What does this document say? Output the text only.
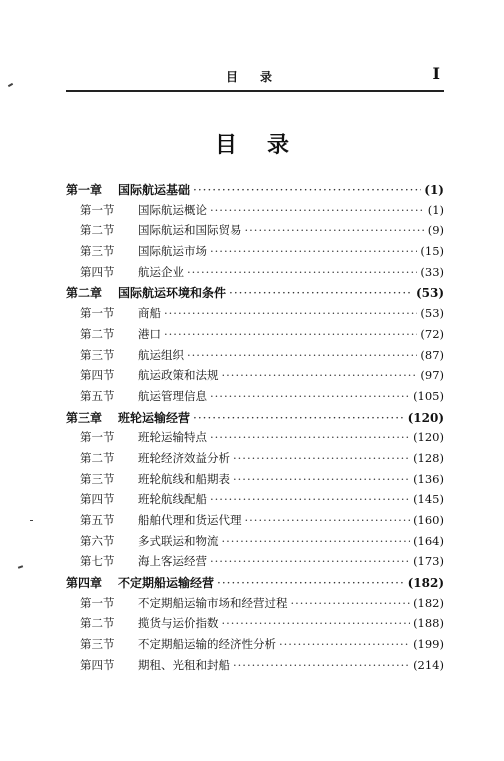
目录	I
目录
第一章	国际航运基础 ·····	(1)
第一节	国际航运概论 ·····	(1)
第二节	国际航运和国际贸易 ·····	(9)
第三节	国际航运市场 ·····	(15)
第四节	航运企业 ·····	(33)
第二章	国际航运环境和条件 ·····	(53)
第一节	商船 ·····	(53)
第二节	港口 ·····	(72)
第三节	航运组织 ·····	(87)
第四节	航运政策和法规 ·····	(97)
第五节	航运管理信息 ·····	(105)
第三章	班轮运输经营 ·····	(120)
第一节	班轮运输特点 ·····	(120)
第二节	班轮经济效益分析 ·····	(128)
第三节	班轮航线和船期表 ·····	(136)
第四节	班轮航线配船 ·····	(145)
第五节	船舶代理和货运代理 ·····	(160)
第六节	多式联运和物流 ·····	(164)
第七节	海上客运经营 ·····	(173)
第四章	不定期船运输经营 ·····	(182)
第一节	不定期船运输市场和经营过程 ·····	(182)
第二节	揽货与运价指数 ·····	(188)
第三节	不定期船运输的经济性分析 ·····	(199)
第四节	期租、光租和封船 ·····	(214)
